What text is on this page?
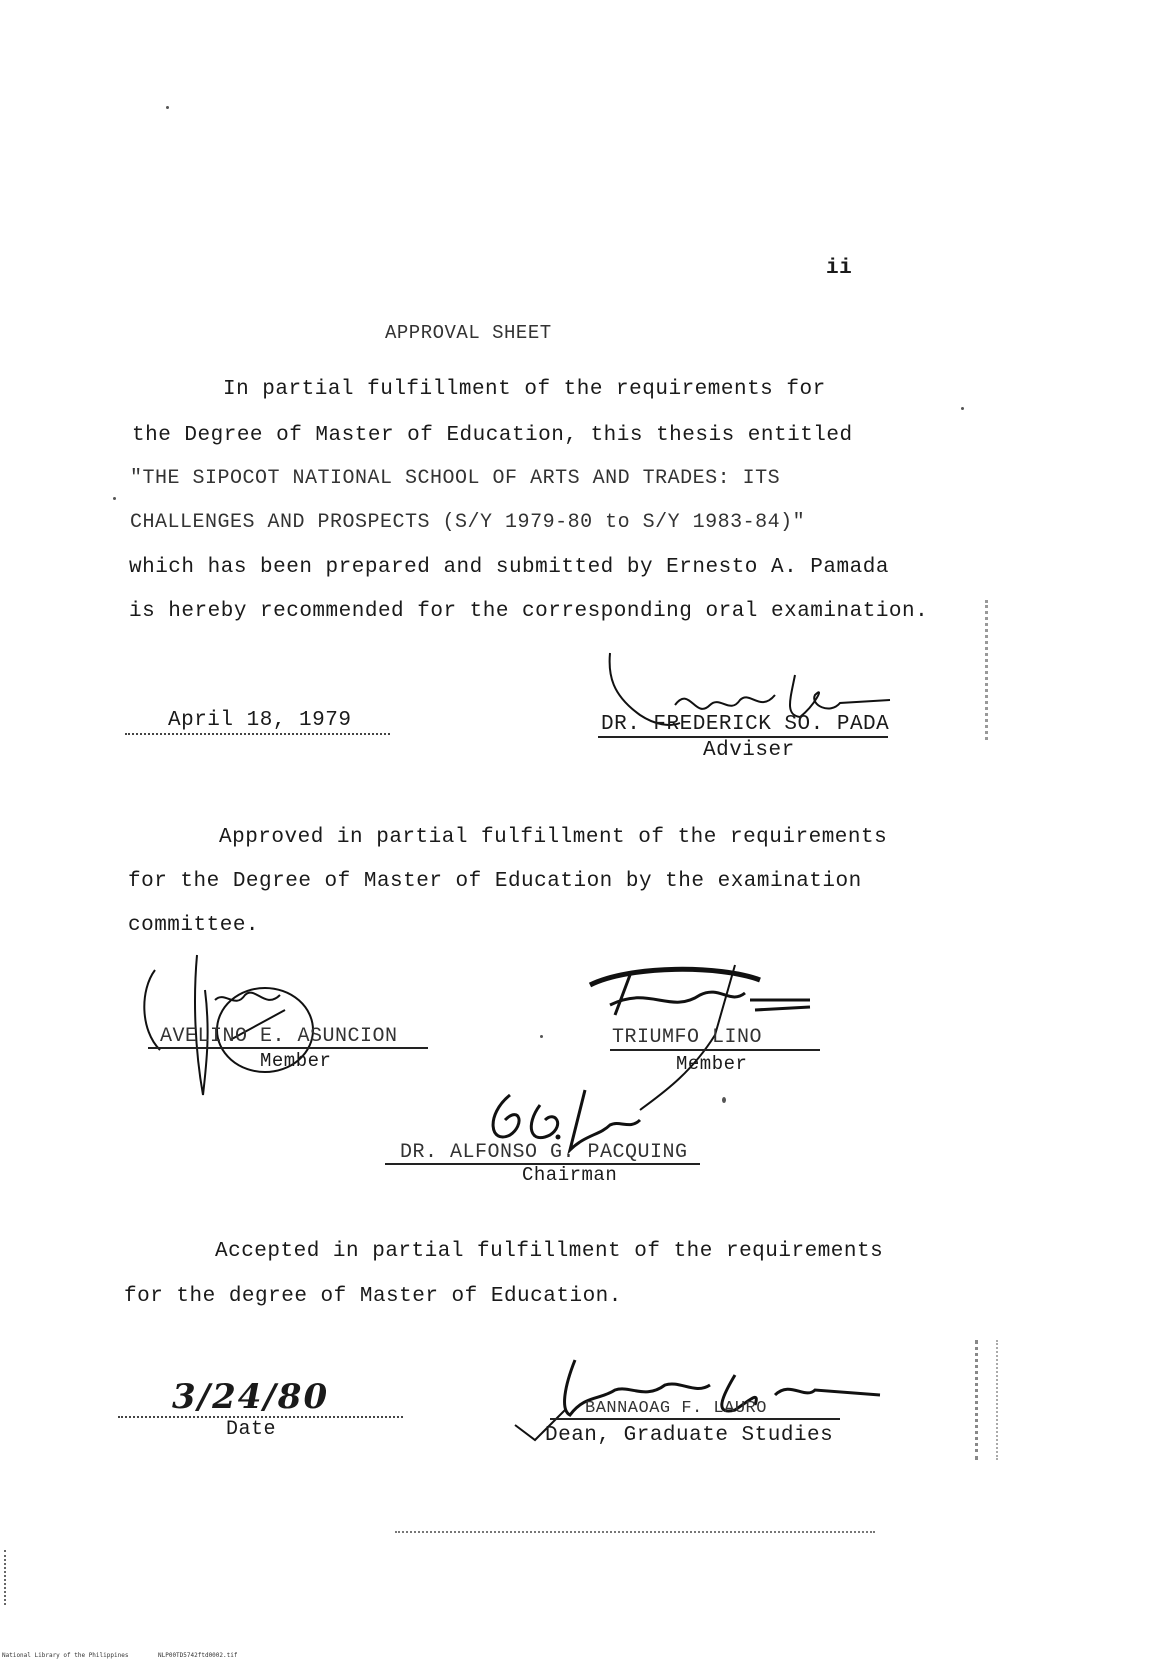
ii
APPROVAL SHEET
In partial fulfillment of the requirements for
the Degree of Master of Education, this thesis entitled
"THE SIPOCOT NATIONAL SCHOOL OF ARTS AND TRADES: ITS
CHALLENGES AND PROSPECTS (S/Y 1979-80 to S/Y 1983-84)"
which has been prepared and submitted by Ernesto A. Pamada
is hereby recommended for the corresponding oral examination.
April 18, 1979	DR. FREDERICK SO. PADA
Adviser
Approved in partial fulfillment of the requirements
for the Degree of Master of Education by the examination
committee.
AVELINO E. ASUNCION
Member
TRIUMFO LINO
Member
DR. ALFONSO G. PACQUING
Chairman
Accepted in partial fulfillment of the requirements
for the degree of Master of Education.
3/24/80
Date
BANNAOAG F. LAURO
Dean, Graduate Studies
National Library of the Philippines	NLP00TD5742ftd0002.tif
